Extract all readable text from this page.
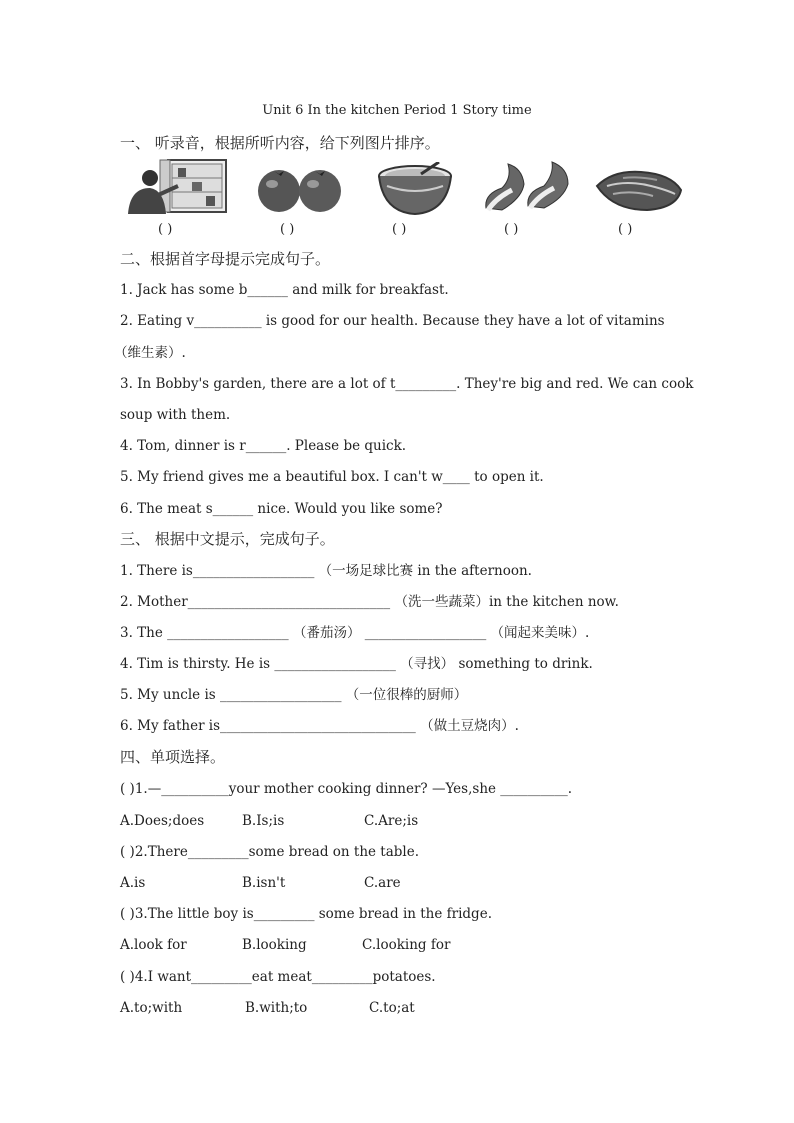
Unit 6 In the kitchen Period 1 Story time
一、 听录音，根据所听内容，给下列图片排序。
( )	( )	( )	( )	( )
二、根据首字母提示完成句子。
1. Jack has some b______ and milk for breakfast.
2. Eating v__________ is good for our health. Because they have a lot of vitamins
（维生素）.
3. In Bobby's garden, there are a lot of t_________. They're big and red. We can cook
soup with them.
4. Tom, dinner is r______. Please be quick.
5. My friend gives me a beautiful box. I can't w____ to open it.
6. The meat s______ nice. Would you like some?
三、 根据中文提示，完成句子。
1. There is__________________ （一场足球比赛 in the afternoon.
2. Mother______________________________ （洗一些蔬菜）in the kitchen now.
3. The __________________ （番茄汤） __________________ （闻起来美味）.
4. Tim is thirsty. He is __________________ （寻找） something to drink.
5. My uncle is __________________ （一位很棒的厨师）
6. My father is_____________________________ （做土豆烧肉）.
四、单项选择。
( )1.—__________your mother cooking dinner? —Yes,she __________.
A.Does;does	B.Is;is	C.Are;is
( )2.There_________some bread on the table.
A.is	B.isn't	C.are
( )3.The little boy is_________ some bread in the fridge.
A.look for	B.looking	C.looking for
( )4.I want_________eat meat_________potatoes.
A.to;with	B.with;to	C.to;at
